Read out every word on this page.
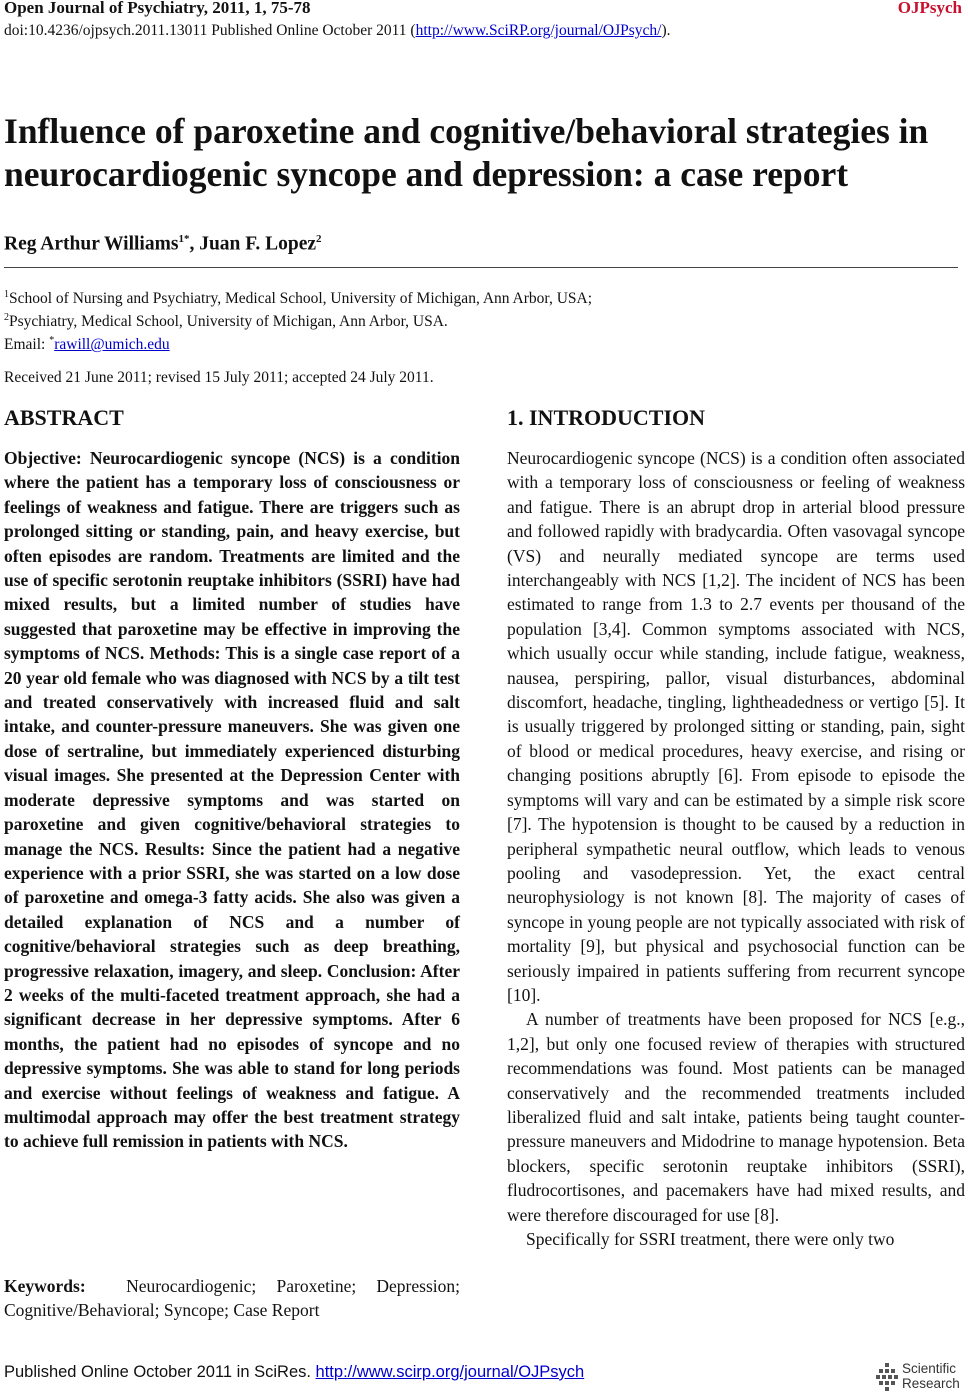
Open Journal of Psychiatry, 2011, 1, 75-78	OJPsych
doi:10.4236/ojpsych.2011.13011 Published Online October 2011 (http://www.SciRP.org/journal/OJPsych/).
Influence of paroxetine and cognitive/behavioral strategies in neurocardiogenic syncope and depression: a case report
Reg Arthur Williams$^{1*}$, Juan F. Lopez$^2$
$^1$School of Nursing and Psychiatry, Medical School, University of Michigan, Ann Arbor, USA;
$^2$Psychiatry, Medical School, University of Michigan, Ann Arbor, USA.
Email: *rawill@umich.edu
Received 21 June 2011; revised 15 July 2011; accepted 24 July 2011.
ABSTRACT	1. INTRODUCTION
Objective: Neurocardiogenic syncope (NCS) is a condition where the patient has a temporary loss of consciousness or feelings of weakness and fatigue. There are triggers such as prolonged sitting or standing, pain, and heavy exercise, but often episodes are random. Treatments are limited and the use of specific serotonin reuptake inhibitors (SSRI) have had mixed results, but a limited number of studies have suggested that paroxetine may be effective in improving the symptoms of NCS. Methods: This is a single case report of a 20 year old female who was diagnosed with NCS by a tilt test and treated conservatively with increased fluid and salt intake, and counter-pressure maneuvers. She was given one dose of sertraline, but immediately experienced disturbing visual images. She presented at the Depression Center with moderate depressive symptoms and was started on paroxetine and given cognitive/behavioral strategies to manage the NCS. Results: Since the patient had a negative experience with a prior SSRI, she was started on a low dose of paroxetine and omega-3 fatty acids. She also was given a detailed explanation of NCS and a number of cognitive/behavioral strategies such as deep breathing, progressive relaxation, imagery, and sleep. Conclusion: After 2 weeks of the multi-faceted treatment approach, she had a significant decrease in her depressive symptoms. After 6 months, the patient had no episodes of syncope and no depressive symptoms. She was able to stand for long periods and exercise without feelings of weakness and fatigue. A multimodal approach may offer the best treatment strategy to achieve full remission in patients with NCS.
Keywords: Neurocardiogenic; Paroxetine; Depression; Cognitive/Behavioral; Syncope; Case Report

Neurocardiogenic syncope (NCS) is a condition often associated with a temporary loss of consciousness or feeling of weakness and fatigue. There is an abrupt drop in arterial blood pressure and followed rapidly with bradycardia. Often vasovagal syncope (VS) and neurally mediated syncope are terms used interchangeably with NCS [1,2]. The incident of NCS has been estimated to range from 1.3 to 2.7 events per thousand of the population [3,4]. Common symptoms associated with NCS, which usually occur while standing, include fatigue, weakness, nausea, perspiring, pallor, visual disturbances, abdominal discomfort, headache, tingling, lightheadedness or vertigo [5]. It is usually triggered by prolonged sitting or standing, pain, sight of blood or medical procedures, heavy exercise, and rising or changing positions abruptly [6]. From episode to episode the symptoms will vary and can be estimated by a simple risk score [7]. The hypotension is thought to be caused by a reduction in peripheral sympathetic neural outflow, which leads to venous pooling and vasodepression. Yet, the exact central neurophysiology is not known [8]. The majority of cases of syncope in young people are not typically associated with risk of mortality [9], but physical and psychosocial function can be seriously impaired in patients suffering from recurrent syncope [10].

A number of treatments have been proposed for NCS [e.g., 1,2], but only one focused review of therapies with structured recommendations was found. Most patients can be managed conservatively and the recommended treatments included liberalized fluid and salt intake, patients being taught counter-pressure maneuvers and Midodrine to manage hypotension. Beta blockers, specific serotonin reuptake inhibitors (SSRI), fludrocortisones, and pacemakers have had mixed results, and were therefore discouraged for use [8].

Specifically for SSRI treatment, there were only two

Published Online October 2011 in SciRes. http://www.scirp.org/journal/OJPsych	Scientific
Research
